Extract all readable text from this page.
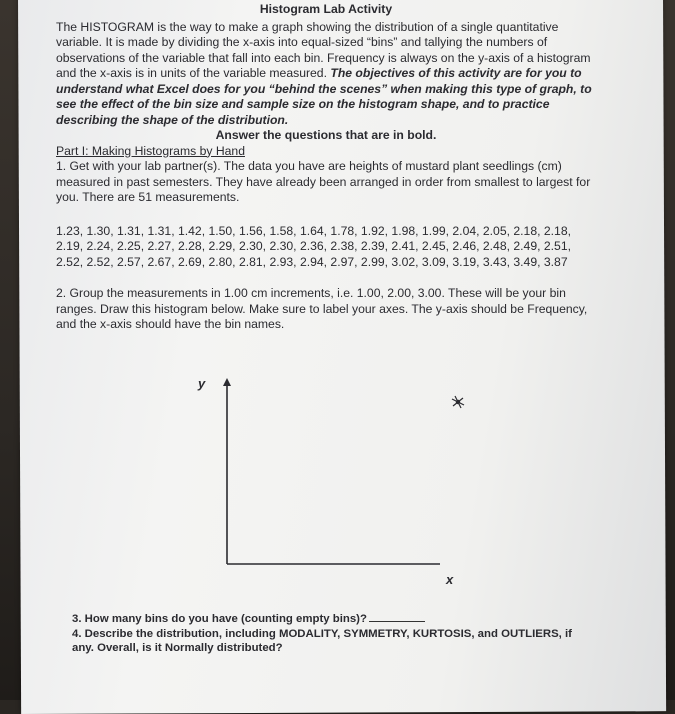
Histogram Lab Activity

The HISTOGRAM is the way to make a graph showing the distribution of a single quantitative variable. It is made by dividing the x-axis into equal-sized “bins” and tallying the numbers of observations of the variable that fall into each bin. Frequency is always on the y-axis of a histogram and the x-axis is in units of the variable measured. The objectives of this activity are for you to understand what Excel does for you “behind the scenes” when making this type of graph, to see the effect of the bin size and sample size on the histogram shape, and to practice describing the shape of the distribution.

Answer the questions that are in bold.

Part I: Making Histograms by Hand

1. Get with your lab partner(s). The data you have are heights of mustard plant seedlings (cm) measured in past semesters. They have already been arranged in order from smallest to largest for you. There are 51 measurements.

1.23, 1.30, 1.31, 1.31, 1.42, 1.50, 1.56, 1.58, 1.64, 1.78, 1.92, 1.98, 1.99, 2.04, 2.05, 2.18, 2.18,

2.19, 2.24, 2.25, 2.27, 2.28, 2.29, 2.30, 2.30, 2.36, 2.38, 2.39, 2.41, 2.45, 2.46, 2.48, 2.49, 2.51,

2.52, 2.52, 2.57, 2.67, 2.69, 2.80, 2.81, 2.93, 2.94, 2.97, 2.99, 3.02, 3.09, 3.19, 3.43, 3.49, 3.87

2. Group the measurements in 1.00 cm increments, i.e. 1.00, 2.00, 3.00. These will be your bin ranges. Draw this histogram below. Make sure to label your axes. The y-axis should be Frequency, and the x-axis should have the bin names.

y
x

3. How many bins do you have (counting empty bins)?

4. Describe the distribution, including MODALITY, SYMMETRY, KURTOSIS, and OUTLIERS, if any. Overall, is it Normally distributed?
